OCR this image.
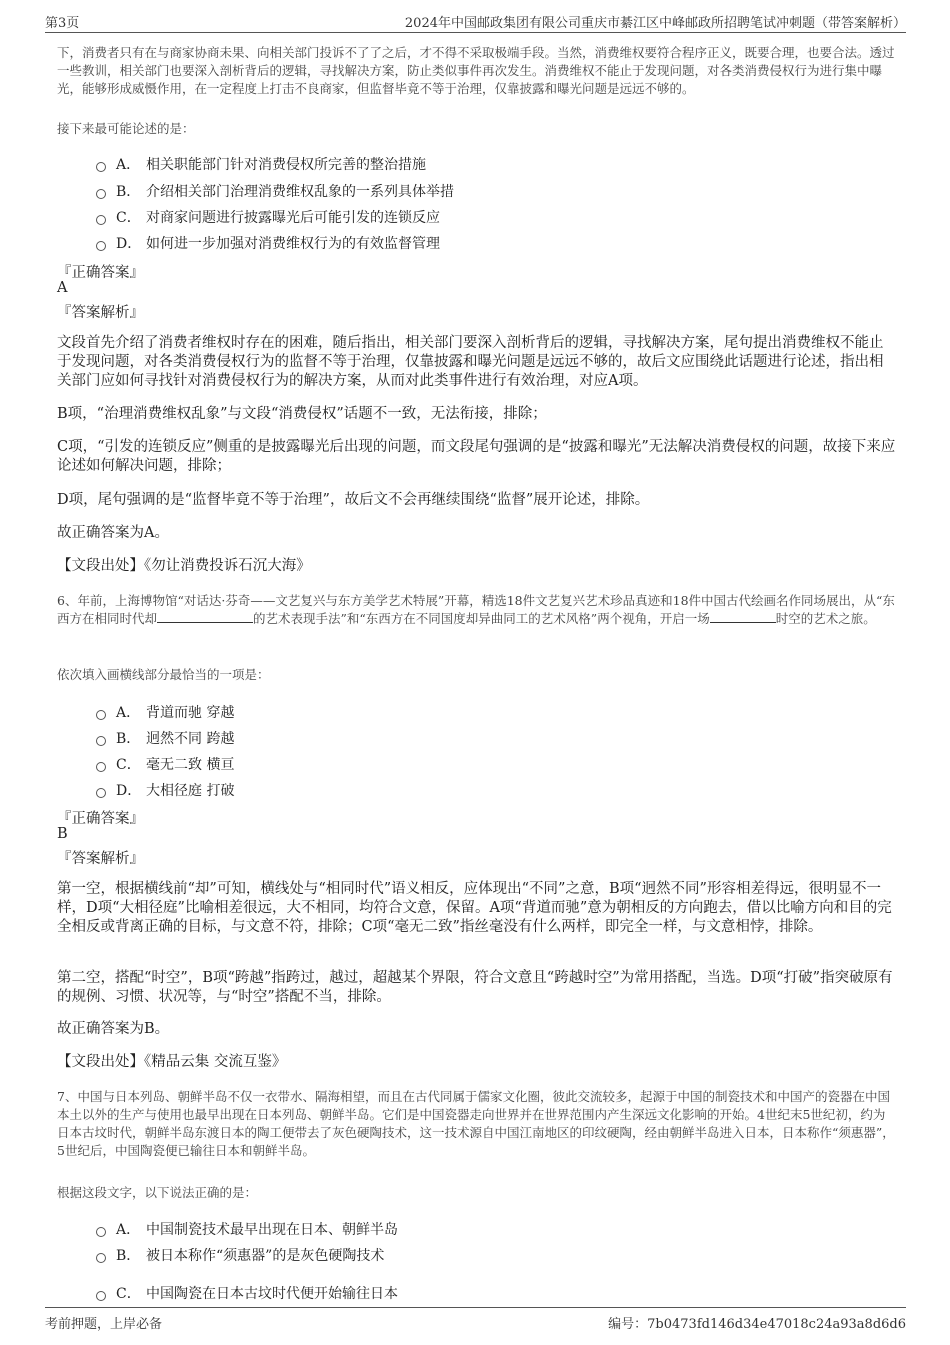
第3页	2024年中国邮政集团有限公司重庆市綦江区中峰邮政所招聘笔试冲刺题（带答案解析）
下，消费者只有在与商家协商未果、向相关部门投诉不了了之后，才不得不采取极端手段。当然，消费维权要符合程序正义，既要合理，也要合法。透过一些教训，相关部门也要深入剖析背后的逻辑，寻找解决方案，防止类似事件再次发生。消费维权不能止于发现问题，对各类消费侵权行为进行集中曝光，能够形成威慑作用，在一定程度上打击不良商家，但监督毕竟不等于治理，仅靠披露和曝光问题是远远不够的。
接下来最可能论述的是：
A． 相关职能部门针对消费侵权所完善的整治措施
B． 介绍相关部门治理消费维权乱象的一系列具体举措
C． 对商家问题进行披露曝光后可能引发的连锁反应
D． 如何进一步加强对消费维权行为的有效监督管理
『正确答案』
A
『答案解析』
文段首先介绍了消费者维权时存在的困难，随后指出，相关部门要深入剖析背后的逻辑，寻找解决方案，尾句提出消费维权不能止于发现问题，对各类消费侵权行为的监督不等于治理，仅靠披露和曝光问题是远远不够的，故后文应围绕此话题进行论述，指出相关部门应如何寻找针对消费侵权行为的解决方案，从而对此类事件进行有效治理，对应A项。
B项，“治理消费维权乱象”与文段“消费侵权”话题不一致，无法衔接，排除；
C项，“引发的连锁反应”侧重的是披露曝光后出现的问题，而文段尾句强调的是“披露和曝光”无法解决消费侵权的问题，故接下来应论述如何解决问题，排除；
D项，尾句强调的是“监督毕竟不等于治理”，故后文不会再继续围绕“监督”展开论述，排除。
故正确答案为A。
【文段出处】《勿让消费投诉石沉大海》
6、年前，上海博物馆“对话达·芬奇——文艺复兴与东方美学艺术特展”开幕，精选18件文艺复兴艺术珍品真迹和18件中国古代绘画名作同场展出，从“东西方在相同时代却	的艺术表现手法”和“东西方在不同国度却异曲同工的艺术风格”两个视角，开启一场	时空的艺术之旅。
依次填入画横线部分最恰当的一项是：
A． 背道而驰 穿越
B． 迥然不同 跨越
C． 毫无二致 横亘
D． 大相径庭 打破
『正确答案』
B
『答案解析』
第一空，根据横线前“却”可知，横线处与“相同时代”语义相反，应体现出“不同”之意，B项“迥然不同”形容相差得远，很明显不一样，D项“大相径庭”比喻相差很远，大不相同，均符合文意，保留。A项“背道而驰”意为朝相反的方向跑去，借以比喻方向和目的完全相反或背离正确的目标，与文意不符，排除；C项“毫无二致”指丝毫没有什么两样，即完全一样，与文意相悖，排除。
第二空，搭配“时空”，B项“跨越”指跨过，越过，超越某个界限，符合文意且“跨越时空”为常用搭配，当选。D项“打破”指突破原有的规例、习惯、状况等，与“时空”搭配不当，排除。
故正确答案为B。
【文段出处】《精品云集 交流互鉴》
7、中国与日本列岛、朝鲜半岛不仅一衣带水、隔海相望，而且在古代同属于儒家文化圈，彼此交流较多，起源于中国的制瓷技术和中国产的瓷器在中国本土以外的生产与使用也最早出现在日本列岛、朝鲜半岛。它们是中国瓷器走向世界并在世界范围内产生深远文化影响的开始。4世纪末5世纪初，约为日本古坟时代，朝鲜半岛东渡日本的陶工便带去了灰色硬陶技术，这一技术源自中国江南地区的印纹硬陶，经由朝鲜半岛进入日本，日本称作“须惠器”，5世纪后，中国陶瓷便已输往日本和朝鲜半岛。
根据这段文字，以下说法正确的是：
A． 中国制瓷技术最早出现在日本、朝鲜半岛
B． 被日本称作“须惠器”的是灰色硬陶技术
C． 中国陶瓷在日本古坟时代便开始输往日本
考前押题，上岸必备	编号：7b0473fd146d34e47018c24a93a8d6d6
